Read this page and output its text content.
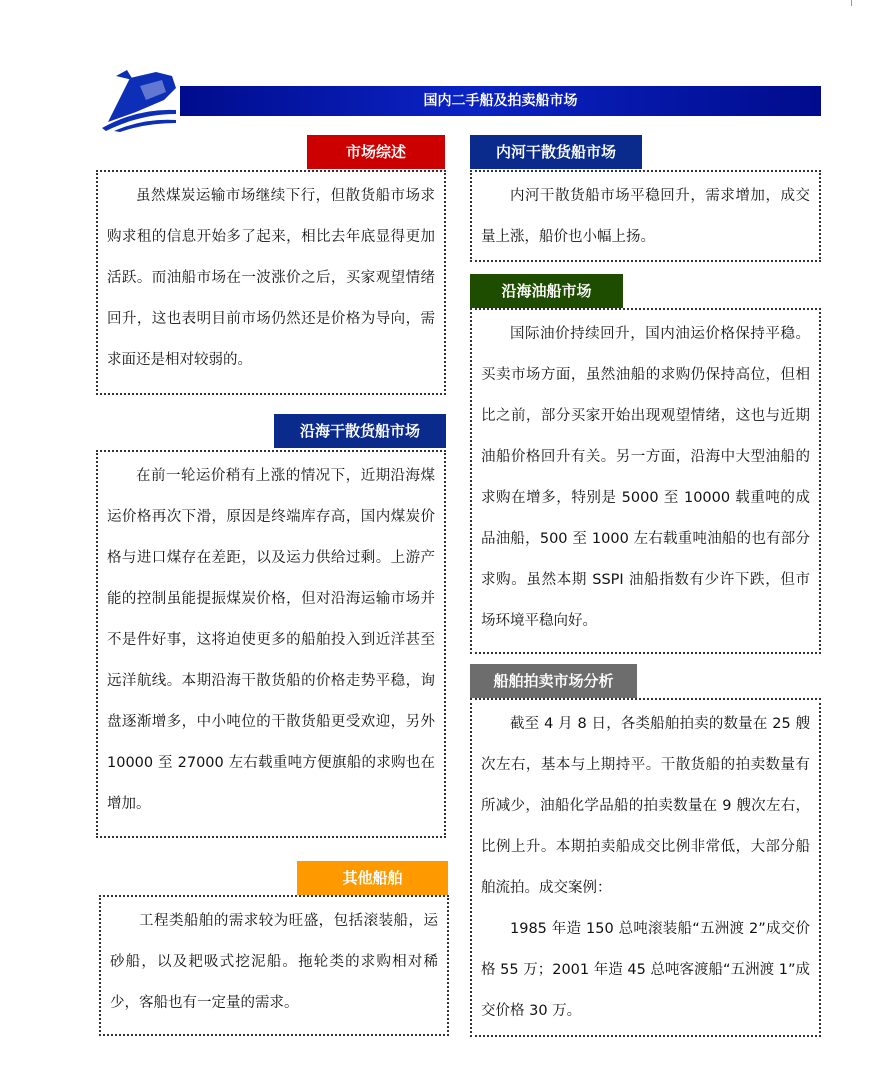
国内二手船及拍卖船市场
市场综述

虽然煤炭运输市场继续下行，但散货船市场求购求租的信息开始多了起来，相比去年底显得更加活跃。而油船市场在一波涨价之后，买家观望情绪回升，这也表明目前市场仍然还是价格为导向，需求面还是相对较弱的。

沿海干散货船市场

在前一轮运价稍有上涨的情况下，近期沿海煤运价格再次下滑，原因是终端库存高，国内煤炭价格与进口煤存在差距，以及运力供给过剩。上游产能的控制虽能提振煤炭价格，但对沿海运输市场并不是件好事，这将迫使更多的船舶投入到近洋甚至远洋航线。本期沿海干散货船的价格走势平稳，询盘逐渐增多，中小吨位的干散货船更受欢迎，另外 10000 至 27000 左右载重吨方便旗船的求购也在增加。

其他船舶

工程类船舶的需求较为旺盛，包括滚装船，运砂船，以及耙吸式挖泥船。拖轮类的求购相对稀少，客船也有一定量的需求。

内河干散货船市场

内河干散货船市场平稳回升，需求增加，成交量上涨，船价也小幅上扬。

沿海油船市场

国际油价持续回升，国内油运价格保持平稳。买卖市场方面，虽然油船的求购仍保持高位，但相比之前，部分买家开始出现观望情绪，这也与近期油船价格回升有关。另一方面，沿海中大型油船的求购在增多，特别是 5000 至 10000 载重吨的成品油船，500 至 1000 左右载重吨油船的也有部分求购。虽然本期 SSPI 油船指数有少许下跌，但市场环境平稳向好。

船舶拍卖市场分析

截至 4 月 8 日，各类船舶拍卖的数量在 25 艘次左右，基本与上期持平。干散货船的拍卖数量有所减少，油船化学品船的拍卖数量在 9 艘次左右，比例上升。本期拍卖船成交比例非常低，大部分船舶流拍。成交案例：

1985 年造 150 总吨滚装船“五洲渡 2”成交价格 55 万；2001 年造 45 总吨客渡船“五洲渡 1”成交价格 30 万。
